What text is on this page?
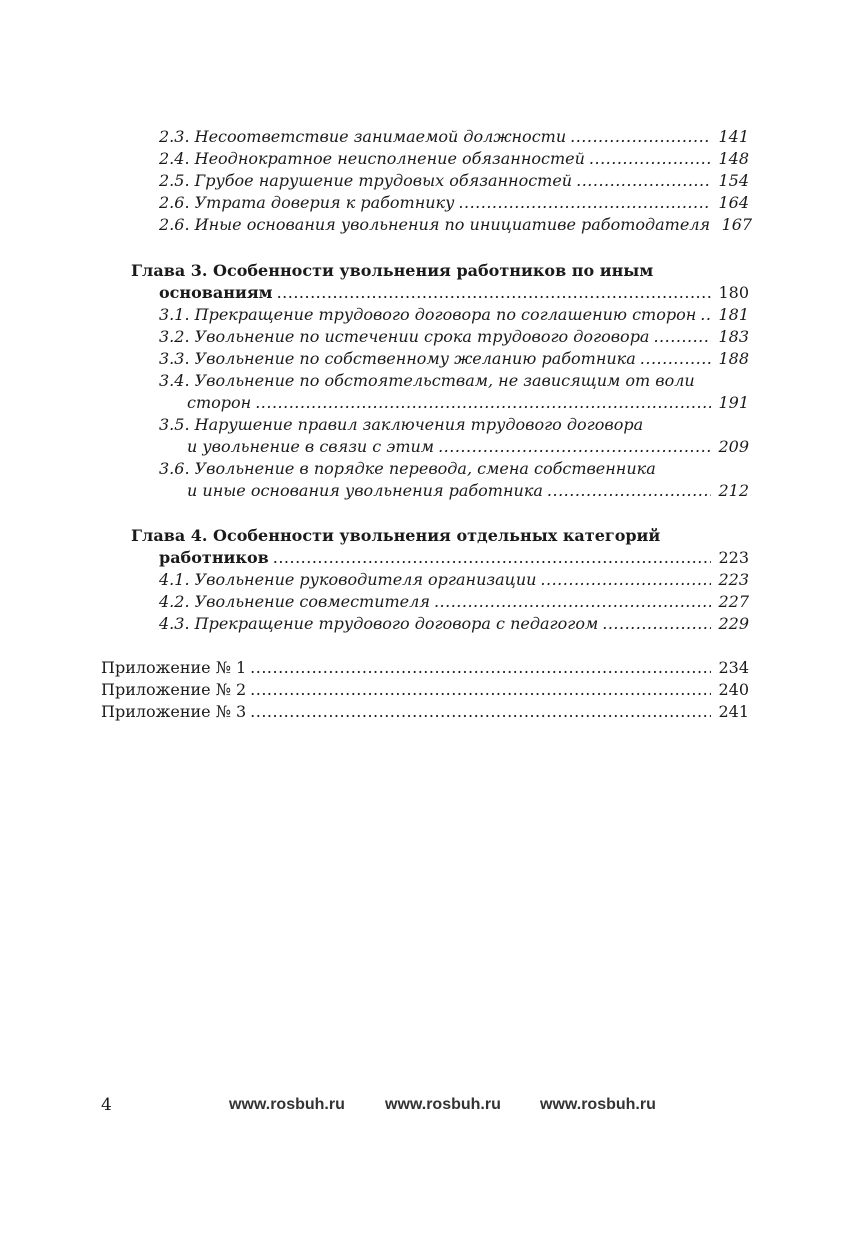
2.3. Несоответствие занимаемой должности .....	141
2.4. Неоднократное неисполнение обязанностей .....	148
2.5. Грубое нарушение трудовых обязанностей .....	154
2.6. Утрата доверия к работнику .....	164
2.6. Иные основания увольнения по инициативе работодателя 167
Глава 3. Особенности увольнения работников по иным
основаниям .....	180
3.1. Прекращение трудового договора по соглашению сторон ..... 181
3.2. Увольнение по истечении срока трудового договора .....	183
3.3. Увольнение по собственному желанию работника .....	188
3.4. Увольнение по обстоятельствам, не зависящим от воли
сторон .....	191
3.5. Нарушение правил заключения трудового договора
и увольнение в связи с этим .....	209
3.6. Увольнение в порядке перевода, смена собственника
и иные основания увольнения работника .....	212
Глава 4. Особенности увольнения отдельных категорий
работников .....	223
4.1. Увольнение руководителя организации .....	223
4.2. Увольнение совместителя .....	227
4.3. Прекращение трудового договора с педагогом .....	229
Приложение № 1 .....	234
Приложение № 2 .....	240
Приложение № 3 .....	241
4	www.rosbuh.ru	www.rosbuh.ru www.rosbuh.ru
